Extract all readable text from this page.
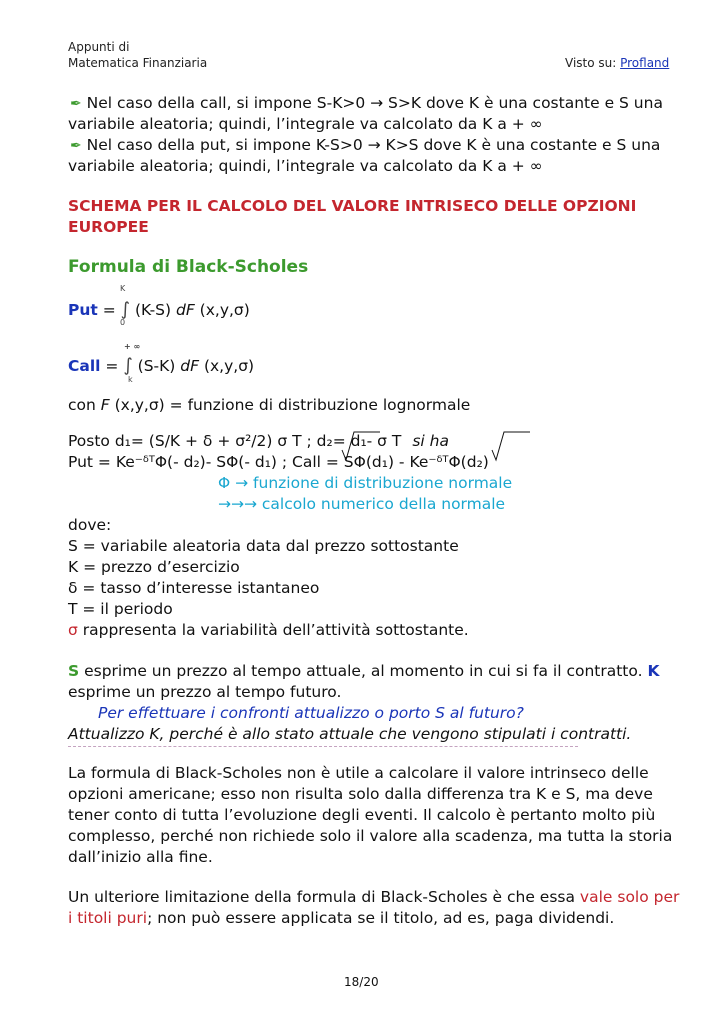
Appunti di
Matematica Finanziaria	Visto su: Profland
✒ Nel caso della call, si impone S-K>0 → S>K dove K è una costante e S una
variabile aleatoria; quindi, l’integrale va calcolato da K a + ∞
✒ Nel caso della put, si impone K-S>0 → K>S dove K è una costante e S una
variabile aleatoria; quindi, l’integrale va calcolato da K a + ∞
SCHEMA PER IL CALCOLO DEL VALORE INTRISECO DELLE OPZIONI
EUROPEE
Formula di Black-Scholes
K
Put = ∫ (K-S) dF (x,y,σ)
0
+ ∞
Call = ∫ (S-K) dF (x,y,σ)
k
con F (x,y,σ) = funzione di distribuzione lognormale
Posto d₁= (S/K + δ + σ²/2) σ T ; d₂= d₁- σ T si ha
Put = Ke⁻ᵟᵀΦ(- d₂)- SΦ(- d₁) ; Call = SΦ(d₁) - Ke⁻ᵟᵀΦ(d₂)
Φ → funzione di distribuzione normale
→→→ calcolo numerico della normale
dove:
S = variabile aleatoria data dal prezzo sottostante
K = prezzo d’esercizio
δ = tasso d’interesse istantaneo
T = il periodo
σ rappresenta la variabilità dell’attività sottostante.
S esprime un prezzo al tempo attuale, al momento in cui si fa il contratto. K
esprime un prezzo al tempo futuro.
Per effettuare i confronti attualizzo o porto S al futuro?
Attualizzo K, perché è allo stato attuale che vengono stipulati i contratti.
La formula di Black-Scholes non è utile a calcolare il valore intrinseco delle
opzioni americane; esso non risulta solo dalla differenza tra K e S, ma deve
tener conto di tutta l’evoluzione degli eventi. Il calcolo è pertanto molto più
complesso, perché non richiede solo il valore alla scadenza, ma tutta la storia
dall’inizio alla fine.
Un ulteriore limitazione della formula di Black-Scholes è che essa vale solo per
i titoli puri; non può essere applicata se il titolo, ad es, paga dividendi.
18/20
